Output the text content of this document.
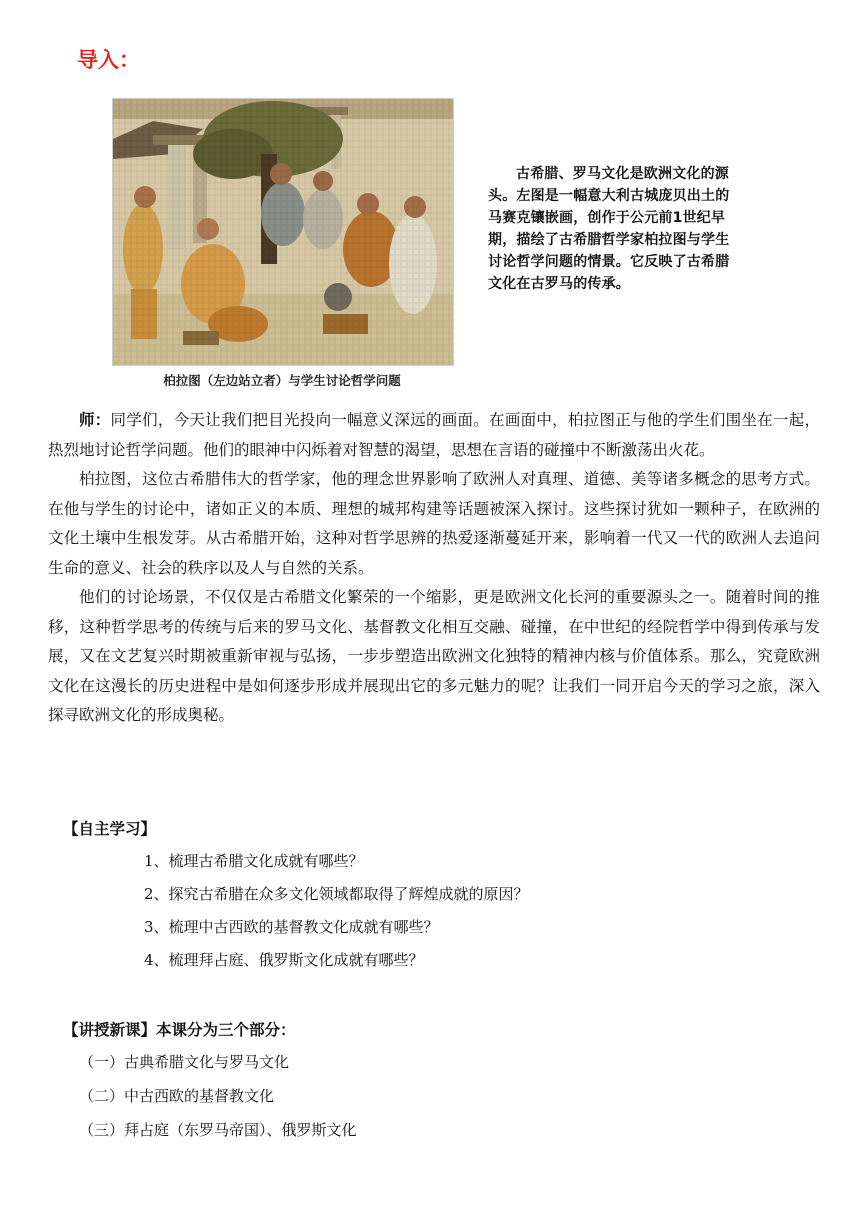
导入：
柏拉图（左边站立者）与学生讨论哲学问题
古希腊、罗马文化是欧洲文化的源头。左图是一幅意大利古城庞贝出土的马赛克镶嵌画，创作于公元前1世纪早期，描绘了古希腊哲学家柏拉图与学生讨论哲学问题的情景。它反映了古希腊文化在古罗马的传承。

师：同学们，今天让我们把目光投向一幅意义深远的画面。在画面中，柏拉图正与他的学生们围坐在一起，热烈地讨论哲学问题。他们的眼神中闪烁着对智慧的渴望，思想在言语的碰撞中不断激荡出火花。

柏拉图，这位古希腊伟大的哲学家，他的理念世界影响了欧洲人对真理、道德、美等诸多概念的思考方式。在他与学生的讨论中，诸如正义的本质、理想的城邦构建等话题被深入探讨。这些探讨犹如一颗种子，在欧洲的文化土壤中生根发芽。从古希腊开始，这种对哲学思辨的热爱逐渐蔓延开来，影响着一代又一代的欧洲人去追问生命的意义、社会的秩序以及人与自然的关系。

他们的讨论场景，不仅仅是古希腊文化繁荣的一个缩影，更是欧洲文化长河的重要源头之一。随着时间的推移，这种哲学思考的传统与后来的罗马文化、基督教文化相互交融、碰撞，在中世纪的经院哲学中得到传承与发展，又在文艺复兴时期被重新审视与弘扬，一步步塑造出欧洲文化独特的精神内核与价值体系。那么，究竟欧洲文化在这漫长的历史进程中是如何逐步形成并展现出它的多元魅力的呢？让我们一同开启今天的学习之旅，深入探寻欧洲文化的形成奥秘。

【自主学习】
1、梳理古希腊文化成就有哪些？
2、探究古希腊在众多文化领域都取得了辉煌成就的原因？
3、梳理中古西欧的基督教文化成就有哪些？
4、梳理拜占庭、俄罗斯文化成就有哪些？
【讲授新课】本课分为三个部分：
（一）古典希腊文化与罗马文化
（二）中古西欧的基督教文化
（三）拜占庭（东罗马帝国）、俄罗斯文化
